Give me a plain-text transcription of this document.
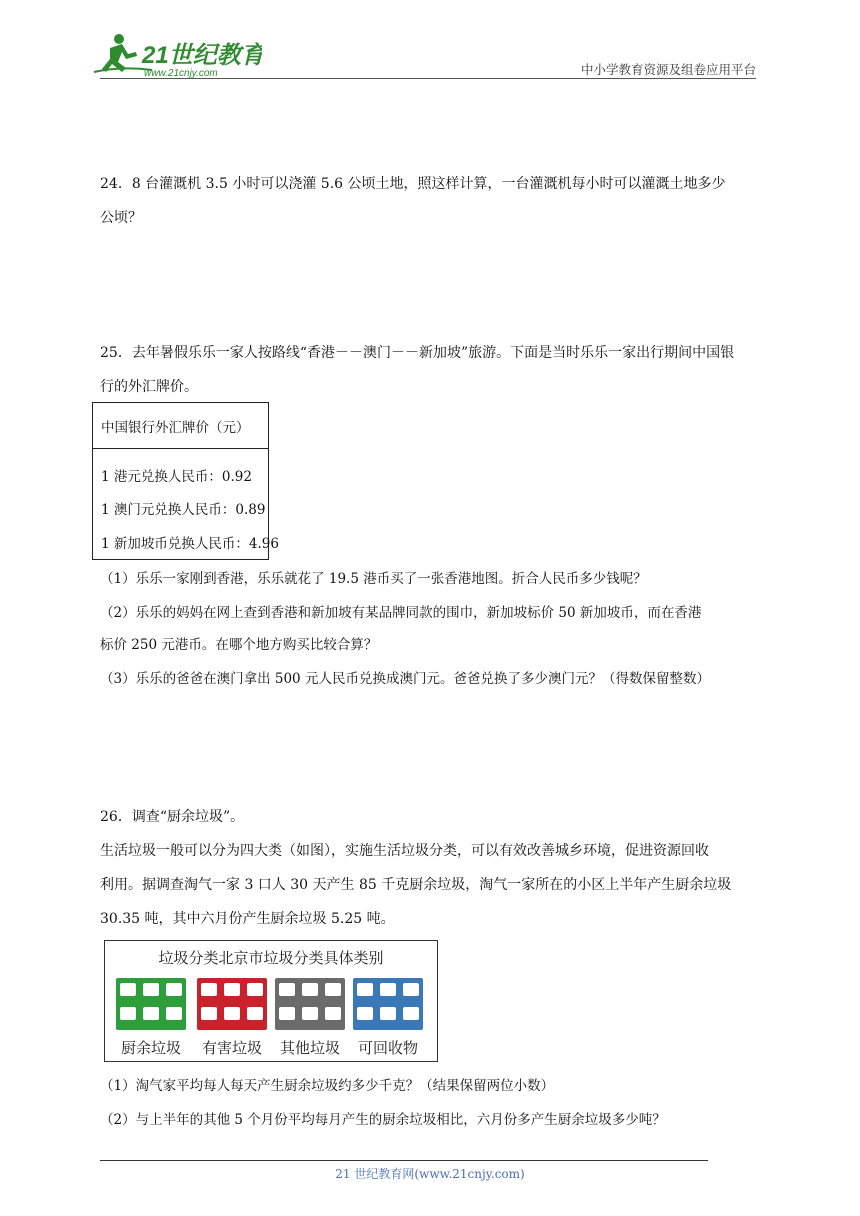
21世纪教育
www.21cnjy.com	中小学教育资源及组卷应用平台
24．8 台灌溉机 3.5 小时可以浇灌 5.6 公顷土地，照这样计算，一台灌溉机每小时可以灌溉土地多少
公顷？
25．去年暑假乐乐一家人按路线“香港－－澳门－－新加坡”旅游。下面是当时乐乐一家出行期间中国银
行的外汇牌价。
中国银行外汇牌价（元）
1 港元兑换人民币：0.92
1 澳门元兑换人民币：0.89
1 新加坡币兑换人民币：4.96
（1）乐乐一家刚到香港，乐乐就花了 19.5 港币买了一张香港地图。折合人民币多少钱呢？
（2）乐乐的妈妈在网上查到香港和新加坡有某品牌同款的围巾，新加坡标价 50 新加坡币，而在香港
标价 250 元港币。在哪个地方购买比较合算？
（3）乐乐的爸爸在澳门拿出 500 元人民币兑换成澳门元。爸爸兑换了多少澳门元？（得数保留整数）
26．调查“厨余垃圾”。
生活垃圾一般可以分为四大类（如图），实施生活垃圾分类，可以有效改善城乡环境，促进资源回收
利用。据调查淘气一家 3 口人 30 天产生 85 千克厨余垃圾，淘气一家所在的小区上半年产生厨余垃圾
30.35 吨，其中六月份产生厨余垃圾 5.25 吨。
垃圾分类北京市垃圾分类具体类别
厨余垃圾	有害垃圾	其他垃圾	可回收物
（1）淘气家平均每人每天产生厨余垃圾约多少千克？（结果保留两位小数）
（2）与上半年的其他 5 个月份平均每月产生的厨余垃圾相比，六月份多产生厨余垃圾多少吨？
21 世纪教育网(www.21cnjy.com)
